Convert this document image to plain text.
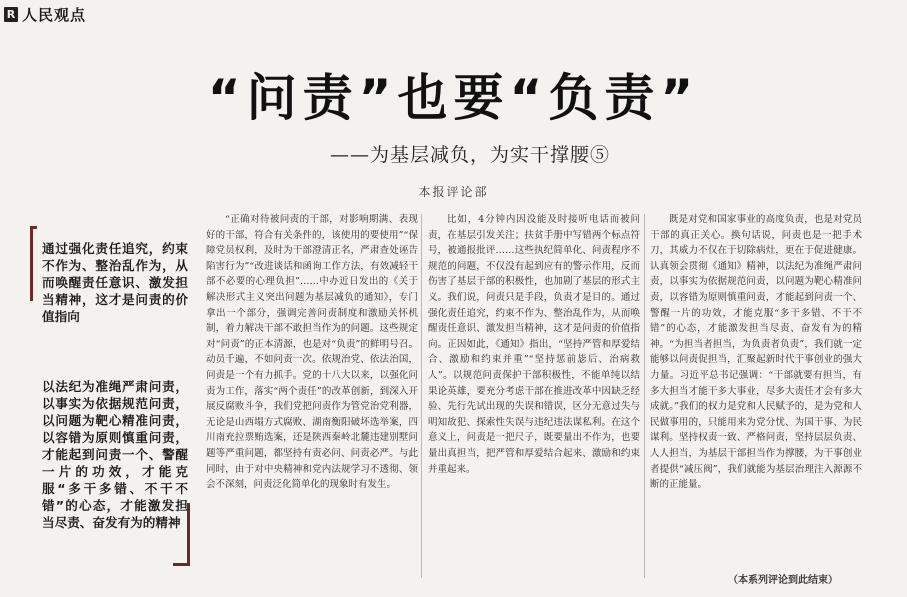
R 人民观点
“问责”也要“负责”
——为基层减负，为实干撑腰⑤
本报评论部
通过强化责任追究，约束不作为、整治乱作为，从而唤醒责任意识、激发担当精神，这才是问责的价值指向
以法纪为准绳严肃问责，以事实为依据规范问责，以问题为靶心精准问责，以容错为原则慎重问责，才能起到问责一个、警醒一片的功效，才能克服“多干多错、不干不错”的心态，才能激发担当尽责、奋发有为的精神

“正确对待被问责的干部，对影响期满、表现好的干部，符合有关条件的，该使用的要使用”“保障党员权利，及时为干部澄清正名，严肃查处诬告陷害行为”“改进谈话和函询工作方法，有效减轻干部不必要的心理负担”……中办近日发出的《关于解决形式主义突出问题为基层减负的通知》，专门拿出一个部分，强调完善问责制度和激励关怀机制，着力解决干部不敢担当作为的问题。这些规定对“问责”的正本清源，也是对“负责”的鲜明号召。动员千遍，不如问责一次。依规治党、依法治国，问责是一个有力抓手。党的十八大以来，以强化问责为工作，落实“两个责任”的改革创新，到深入开展反腐败斗争，我们党把问责作为管党治党利器，无论是山西塌方式腐败、湖南衡阳破坏选举案，四川南充拉票贿选案，还是陕西秦岭北麓违建别墅问题等严重问题，都坚持有责必问、问责必严。与此同时，由于对中央精神和党内法规学习不透彻、领会不深刻，问责泛化简单化的现象时有发生。

比如，4分钟内因没能及时接听电话而被问责，在基层引发关注；扶贫手册中写错两个标点符号，被通报批评……这些执纪简单化、问责程序不规范的问题，不仅没有起到应有的警示作用，反而伤害了基层干部的积极性，也加剧了基层的形式主义。我们说，问责只是手段，负责才是目的。通过强化责任追究，约束不作为、整治乱作为，从而唤醒责任意识、激发担当精神，这才是问责的价值指向。正因如此，《通知》指出，“坚持严管和厚爱结合、激励和约束并重”“坚持惩前毖后、治病救人”。以规范问责保护干部积极性，不能单纯以结果论英雄，要充分考虑干部在推进改革中因缺乏经验、先行先试出现的失误和错误，区分无意过失与明知故犯、探索性失误与违纪违法谋私利。在这个意义上，问责是一把尺子，既要量出不作为，也要量出真担当，把严管和厚爱结合起来、激励和约束并重起来。

既是对党和国家事业的高度负责，也是对党员干部的真正关心。换句话说，问责也是一把手术刀，其威力不仅在于切除病灶，更在于促进健康。认真领会贯彻《通知》精神，以法纪为准绳严肃问责，以事实为依据规范问责，以问题为靶心精准问责，以容错为原则慎重问责，才能起到问责一个、警醒一片的功效，才能克服“多干多错、不干不错”的心态，才能激发担当尽责、奋发有为的精神。“为担当者担当，为负责者负责”，我们就一定能够以问责促担当，汇聚起新时代干事创业的强大力量。习近平总书记强调：“干部就要有担当，有多大担当才能干多大事业，尽多大责任才会有多大成就。”我们的权力是党和人民赋予的，是为党和人民做事用的，只能用来为党分忧、为国干事、为民谋利。坚持权责一致、严格问责，坚持层层负责、人人担当，为基层干部担当作为撑腰，为干事创业者提供“减压阀”，我们就能为基层治理注入源源不断的正能量。

（本系列评论到此结束）
